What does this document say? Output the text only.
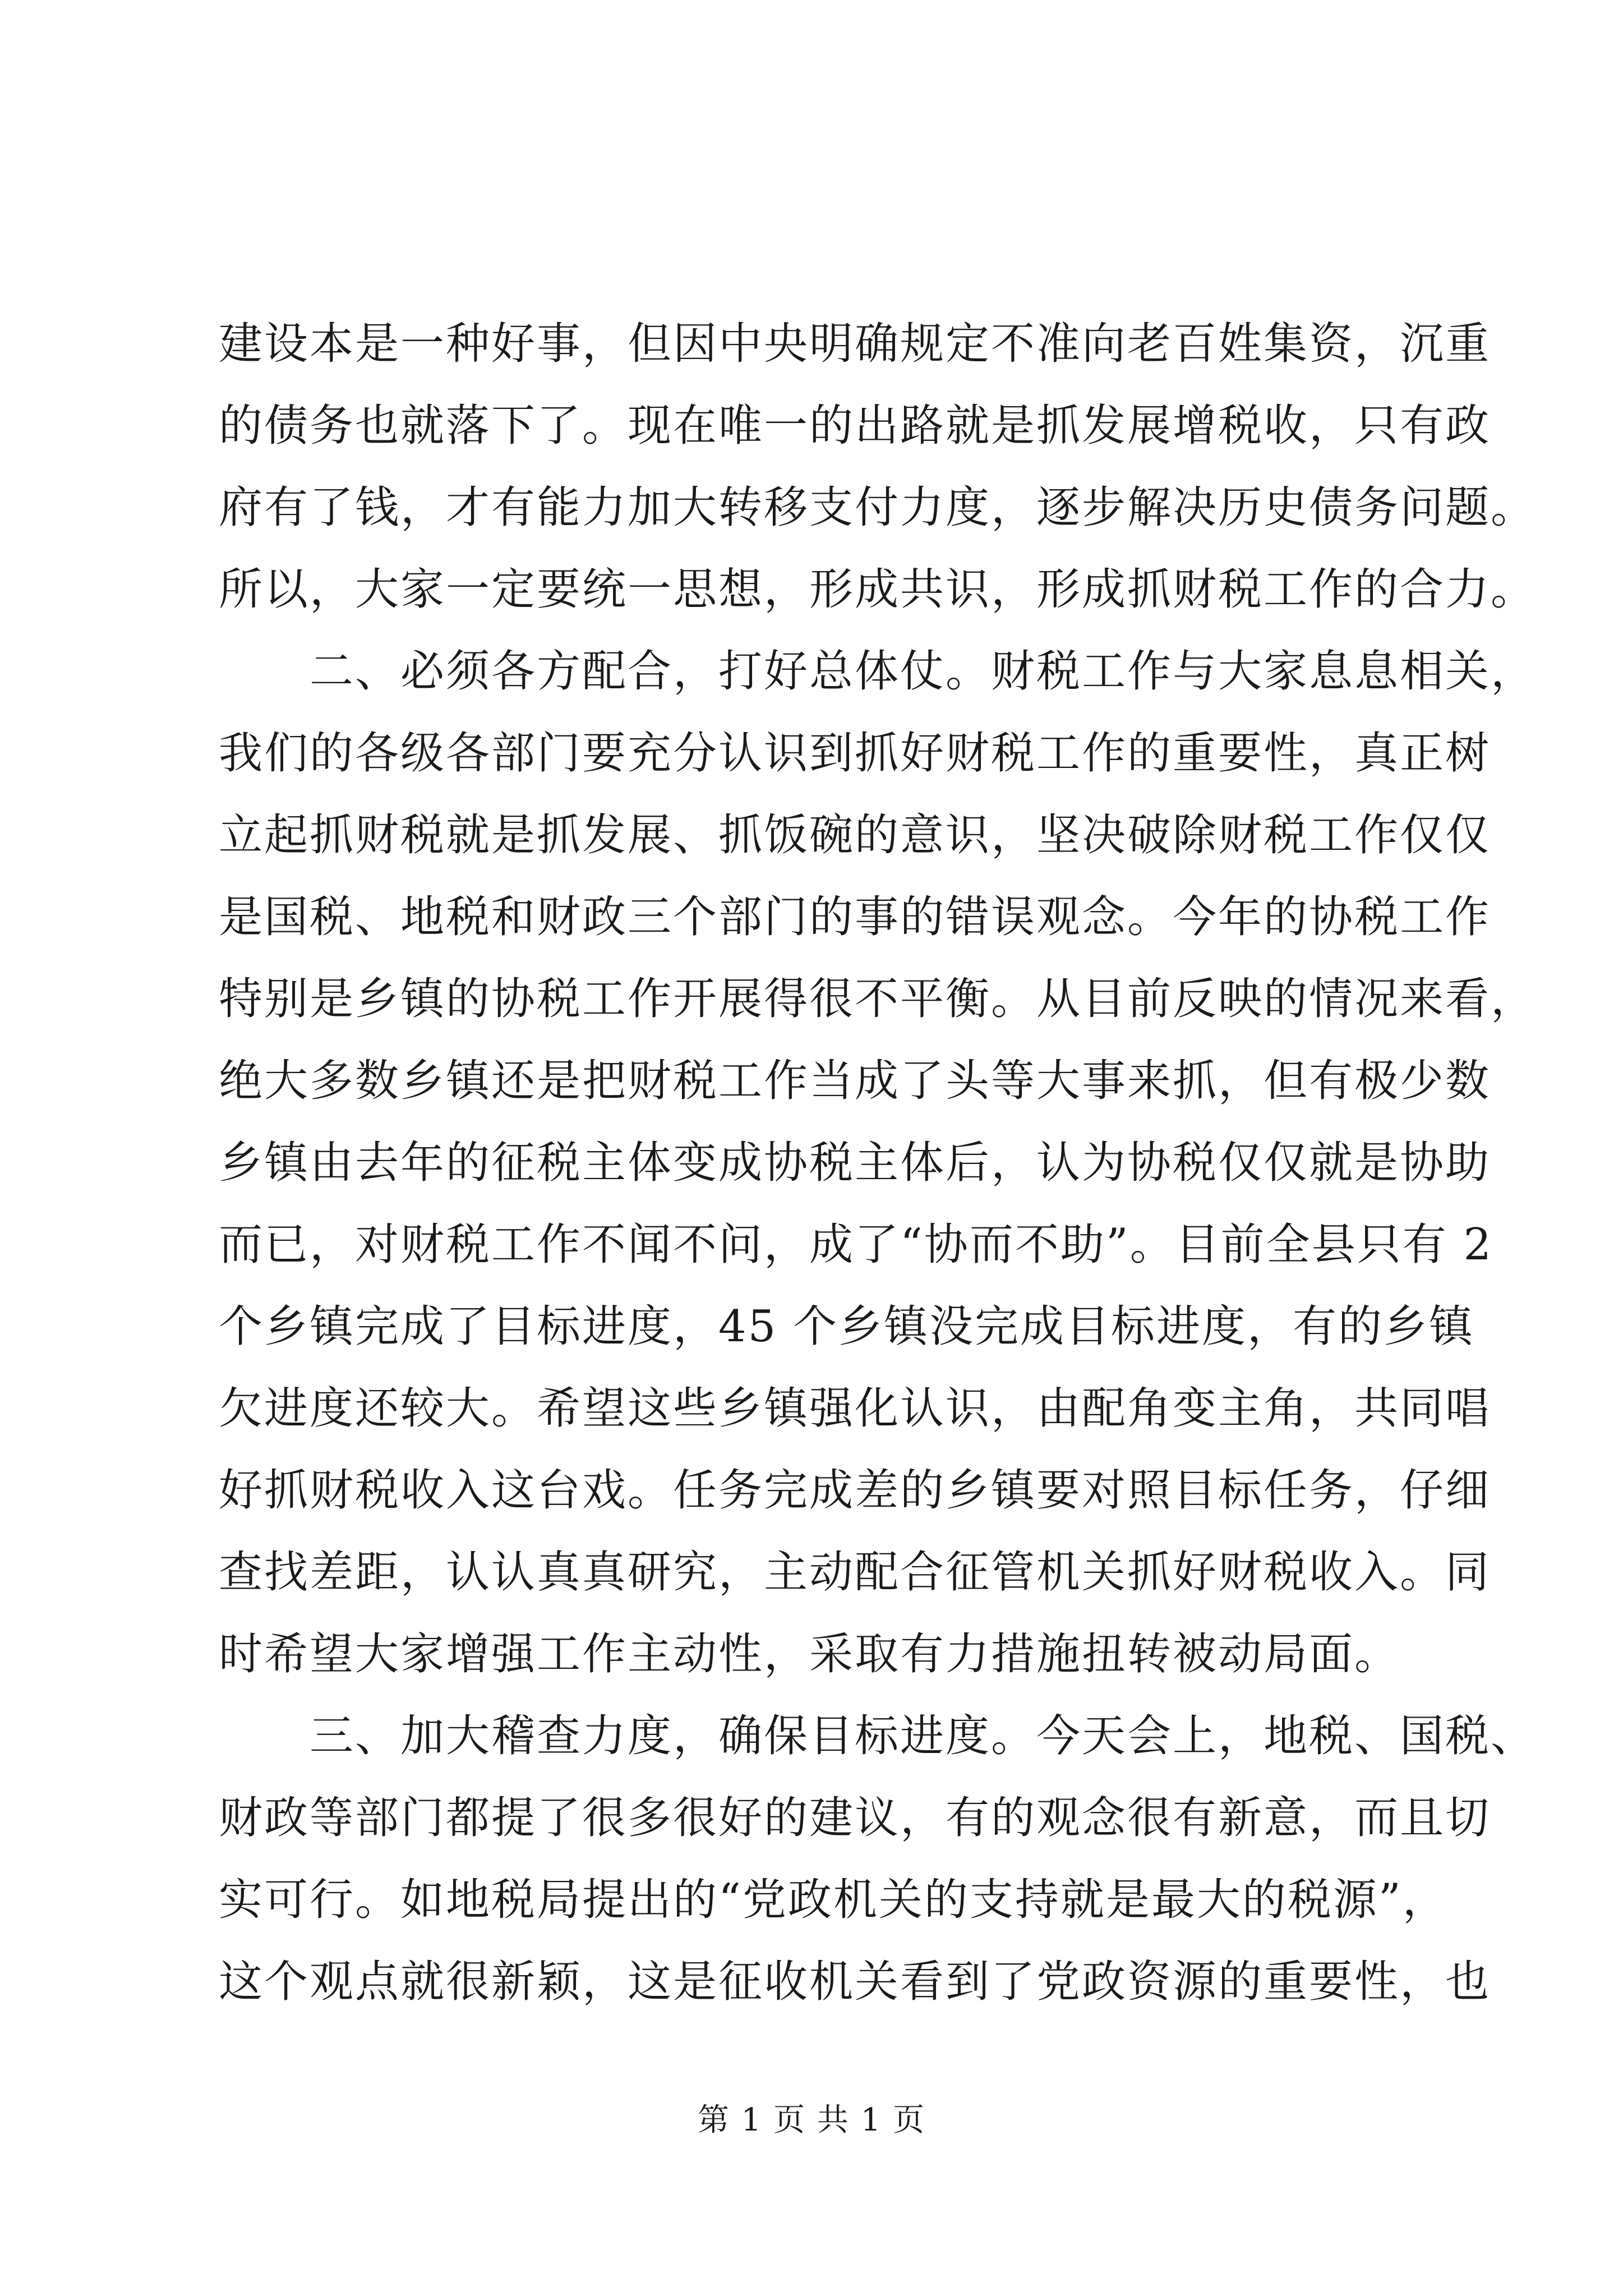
建设本是一种好事，但因中央明确规定不准向老百姓集资，沉重
的债务也就落下了。现在唯一的出路就是抓发展增税收，只有政
府有了钱，才有能力加大转移支付力度，逐步解决历史债务问题。
所以，大家一定要统一思想，形成共识，形成抓财税工作的合力。
　　二、必须各方配合，打好总体仗。财税工作与大家息息相关，
我们的各级各部门要充分认识到抓好财税工作的重要性，真正树
立起抓财税就是抓发展、抓饭碗的意识，坚决破除财税工作仅仅
是国税、地税和财政三个部门的事的错误观念。今年的协税工作
特别是乡镇的协税工作开展得很不平衡。从目前反映的情况来看，
绝大多数乡镇还是把财税工作当成了头等大事来抓，但有极少数
乡镇由去年的征税主体变成协税主体后，认为协税仅仅就是协助
而已，对财税工作不闻不问，成了“协而不助”。目前全县只有 2
个乡镇完成了目标进度，45 个乡镇没完成目标进度，有的乡镇
欠进度还较大。希望这些乡镇强化认识，由配角变主角，共同唱
好抓财税收入这台戏。任务完成差的乡镇要对照目标任务，仔细
查找差距，认认真真研究，主动配合征管机关抓好财税收入。同
时希望大家增强工作主动性，采取有力措施扭转被动局面。
　　三、加大稽查力度，确保目标进度。今天会上，地税、国税、
财政等部门都提了很多很好的建议，有的观念很有新意，而且切
实可行。如地税局提出的“党政机关的支持就是最大的税源”，
这个观点就很新颖，这是征收机关看到了党政资源的重要性，也
第 1 页 共 1 页
